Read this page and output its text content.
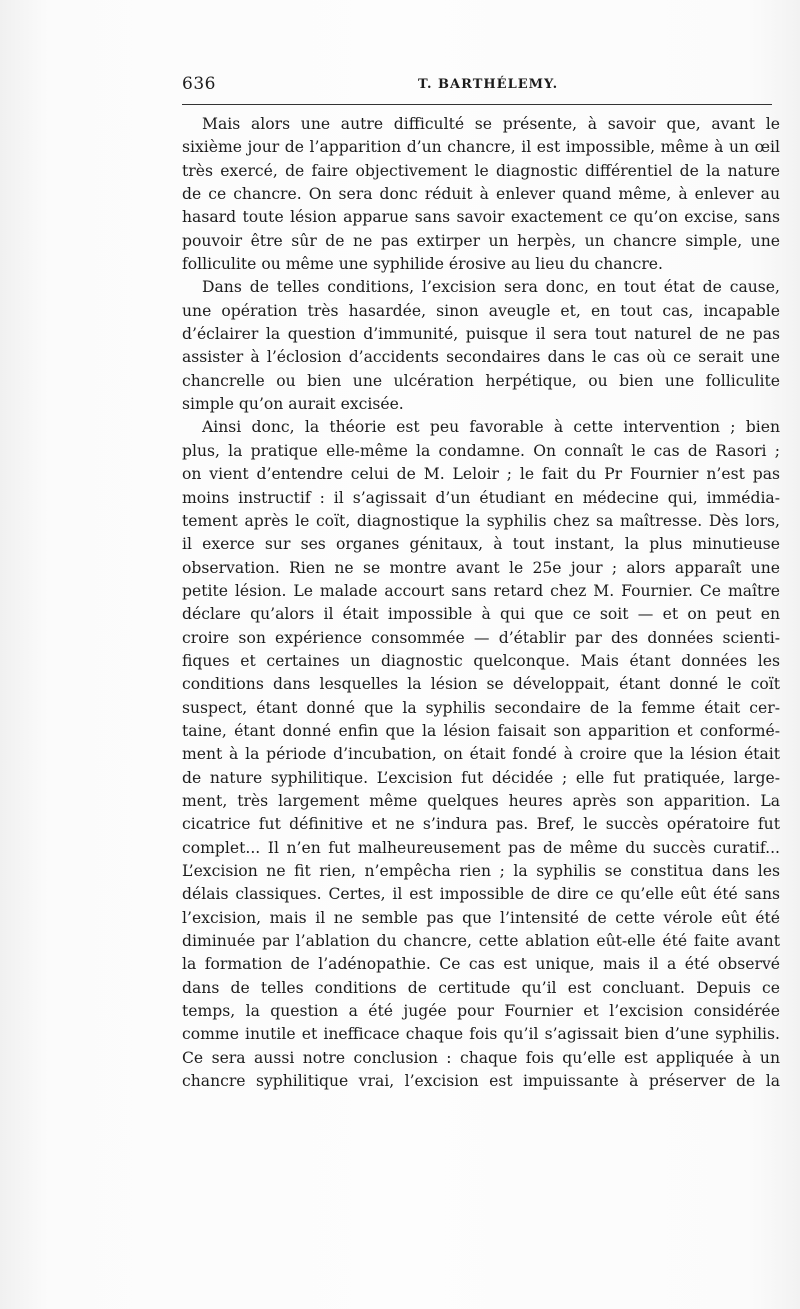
636	T. BARTHÉLEMY.
Mais alors une autre difficulté se présente, à savoir que, avant le
sixième jour de l’apparition d’un chancre, il est impossible, même à un œil
très exercé, de faire objectivement le diagnostic différentiel de la nature
de ce chancre. On sera donc réduit à enlever quand même, à enlever au
hasard toute lésion apparue sans savoir exactement ce qu’on excise, sans
pouvoir être sûr de ne pas extirper un herpès, un chancre simple, une
folliculite ou même une syphilide érosive au lieu du chancre.
Dans de telles conditions, l’excision sera donc, en tout état de cause,
une opération très hasardée, sinon aveugle et, en tout cas, incapable
d’éclairer la question d’immunité, puisque il sera tout naturel de ne pas
assister à l’éclosion d’accidents secondaires dans le cas où ce serait une
chancrelle ou bien une ulcération herpétique, ou bien une folliculite
simple qu’on aurait excisée.
Ainsi donc, la théorie est peu favorable à cette intervention ; bien
plus, la pratique elle-même la condamne. On connaît le cas de Rasori ;
on vient d’entendre celui de M. Leloir ; le fait du Pr Fournier n’est pas
moins instructif : il s’agissait d’un étudiant en médecine qui, immédia-
tement après le coït, diagnostique la syphilis chez sa maîtresse. Dès lors,
il exerce sur ses organes génitaux, à tout instant, la plus minutieuse
observation. Rien ne se montre avant le 25e jour ; alors apparaît une
petite lésion. Le malade accourt sans retard chez M. Fournier. Ce maître
déclare qu’alors il était impossible à qui que ce soit — et on peut en
croire son expérience consommée — d’établir par des données scienti-
fiques et certaines un diagnostic quelconque. Mais étant données les
conditions dans lesquelles la lésion se développait, étant donné le coït
suspect, étant donné que la syphilis secondaire de la femme était cer-
taine, étant donné enfin que la lésion faisait son apparition et conformé-
ment à la période d’incubation, on était fondé à croire que la lésion était
de nature syphilitique. L’excision fut décidée ; elle fut pratiquée, large-
ment, très largement même quelques heures après son apparition. La
cicatrice fut définitive et ne s’indura pas. Bref, le succès opératoire fut
complet... Il n’en fut malheureusement pas de même du succès curatif...
L’excision ne fit rien, n’empêcha rien ; la syphilis se constitua dans les
délais classiques. Certes, il est impossible de dire ce qu’elle eût été sans
l’excision, mais il ne semble pas que l’intensité de cette vérole eût été
diminuée par l’ablation du chancre, cette ablation eût-elle été faite avant
la formation de l’adénopathie. Ce cas est unique, mais il a été observé
dans de telles conditions de certitude qu’il est concluant. Depuis ce
temps, la question a été jugée pour Fournier et l’excision considérée
comme inutile et inefficace chaque fois qu’il s’agissait bien d’une syphilis.
Ce sera aussi notre conclusion : chaque fois qu’elle est appliquée à un
chancre syphilitique vrai, l’excision est impuissante à préserver de la
